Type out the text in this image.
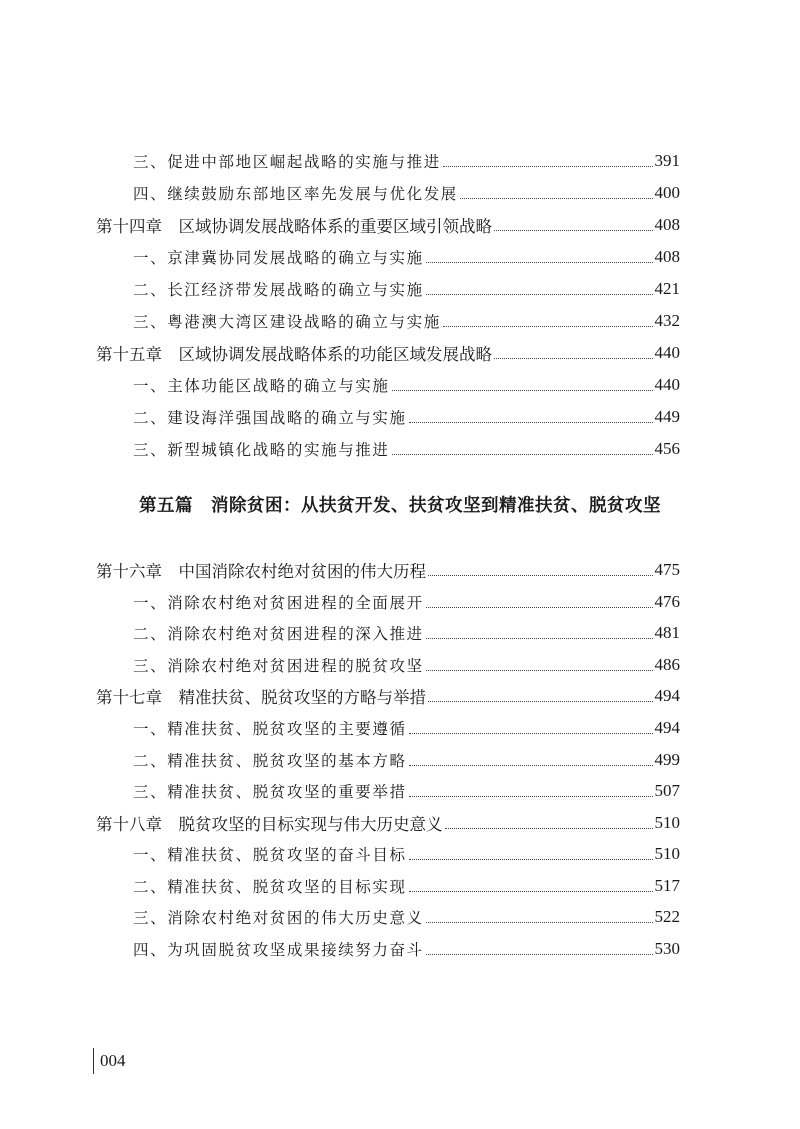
三、促进中部地区崛起战略的实施与推进	391
四、继续鼓励东部地区率先发展与优化发展	400
第十四章　区域协调发展战略体系的重要区域引领战略	408
一、京津冀协同发展战略的确立与实施	408
二、长江经济带发展战略的确立与实施	421
三、粤港澳大湾区建设战略的确立与实施	432
第十五章　区域协调发展战略体系的功能区域发展战略	440
一、主体功能区战略的确立与实施	440
二、建设海洋强国战略的确立与实施	449
三、新型城镇化战略的实施与推进	456
第五篇　消除贫困：从扶贫开发、扶贫攻坚到精准扶贫、脱贫攻坚
第十六章　中国消除农村绝对贫困的伟大历程	475
一、消除农村绝对贫困进程的全面展开	476
二、消除农村绝对贫困进程的深入推进	481
三、消除农村绝对贫困进程的脱贫攻坚	486
第十七章　精准扶贫、脱贫攻坚的方略与举措	494
一、精准扶贫、脱贫攻坚的主要遵循	494
二、精准扶贫、脱贫攻坚的基本方略	499
三、精准扶贫、脱贫攻坚的重要举措	507
第十八章　脱贫攻坚的目标实现与伟大历史意义	510
一、精准扶贫、脱贫攻坚的奋斗目标	510
二、精准扶贫、脱贫攻坚的目标实现	517
三、消除农村绝对贫困的伟大历史意义	522
四、为巩固脱贫攻坚成果接续努力奋斗	530
004
